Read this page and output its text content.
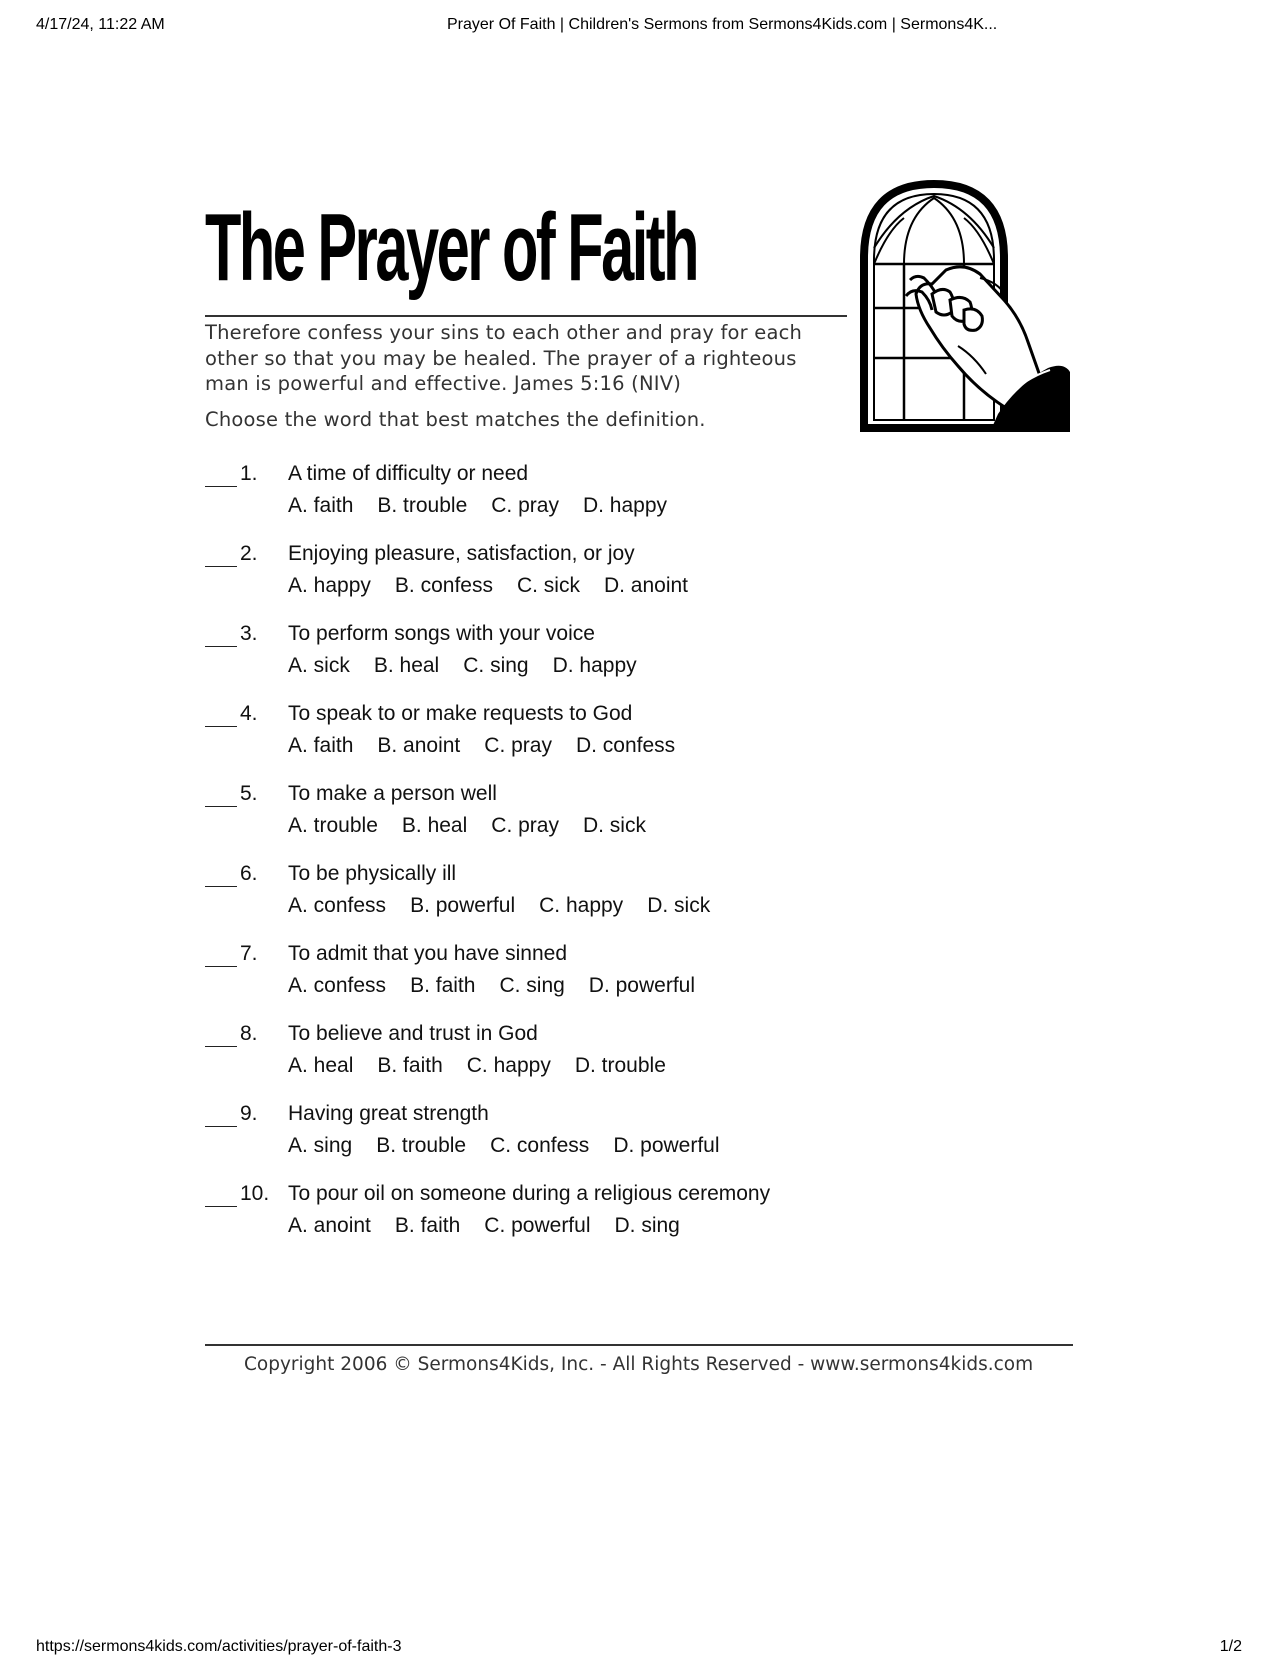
4/17/24, 11:22 AM	Prayer Of Faith | Children's Sermons from Sermons4Kids.com | Sermons4K...
The Prayer of Faith
Therefore confess your sins to each other and pray for each other so that you may be healed. The prayer of a righteous man is powerful and effective. James 5:16 (NIV)
Choose the word that best matches the definition.
1. A time of difficulty or need
A. faith B. trouble C. pray D. happy
2. Enjoying pleasure, satisfaction, or joy
A. happy B. confess C. sick D. anoint
3. To perform songs with your voice
A. sick B. heal C. sing D. happy
4. To speak to or make requests to God
A. faith B. anoint C. pray D. confess
5. To make a person well
A. trouble B. heal C. pray D. sick
6. To be physically ill
A. confess B. powerful C. happy D. sick
7. To admit that you have sinned
A. confess B. faith C. sing D. powerful
8. To believe and trust in God
A. heal B. faith C. happy D. trouble
9. Having great strength
A. sing B. trouble C. confess D. powerful
10. To pour oil on someone during a religious ceremony
A. anoint B. faith C. powerful D. sing
Copyright 2006 © Sermons4Kids, Inc. - All Rights Reserved - www.sermons4kids.com
https://sermons4kids.com/activities/prayer-of-faith-3	1/2
